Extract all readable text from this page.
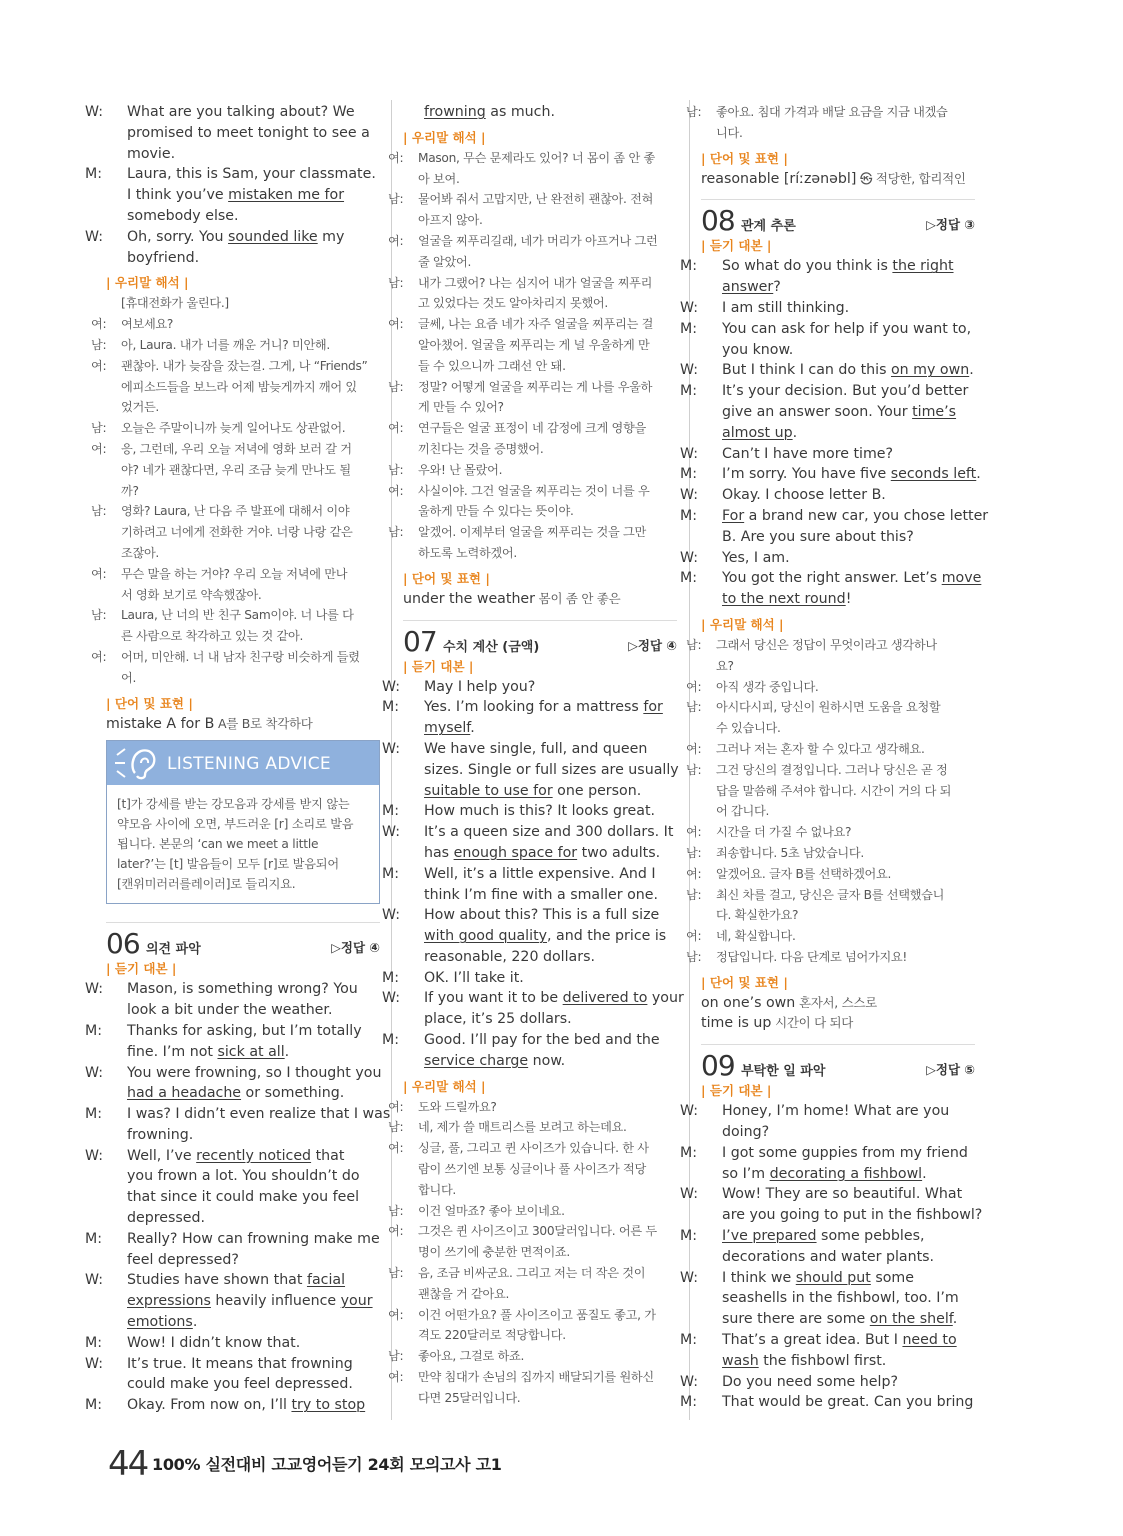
W: What are you talking about? We
promised to meet tonight to see a
movie.
M: Laura, this is Sam, your classmate.
I think you’ve mistaken me for
somebody else.
W: Oh, sorry. You sounded like my
boyfriend.
| 우리말 해석 |
[휴대전화가 울린다.]
여: 여보세요?
남: 아, Laura. 내가 너를 깨운 거니? 미안해.
여: 괜찮아. 내가 늦잠을 잤는걸. 그게, 나 “Friends”
에피소드들을 보느라 어제 밤늦게까지 깨어 있
었거든.
남: 오늘은 주말이니까 늦게 일어나도 상관없어.
여: 응, 그런데, 우리 오늘 저녁에 영화 보러 갈 거
야? 네가 괜찮다면, 우리 조금 늦게 만나도 될
까?
남: 영화? Laura, 난 다음 주 발표에 대해서 이야
기하려고 너에게 전화한 거야. 너랑 나랑 같은
조잖아.
여: 무슨 말을 하는 거야? 우리 오늘 저녁에 만나
서 영화 보기로 약속했잖아.
남: Laura, 난 너의 반 친구 Sam이야. 너 나를 다
른 사람으로 착각하고 있는 것 같아.
여: 어머, 미안해. 너 내 남자 친구랑 비슷하게 들렸
어.
| 단어 및 표현 |
mistake A for B A를 B로 착각하다
LISTENING ADVICE
[t]가 강세를 받는 강모음과 강세를 받지 않는
약모음 사이에 오면, 부드러운 [r] 소리로 발음
됩니다. 본문의 ‘can we meet a little
later?’는 [t] 발음들이 모두 [r]로 발음되어
[캔위미러러를레이러]로 들리지요.
06 의견 파악	▷정답 ④
| 듣기 대본 |
W: Mason, is something wrong? You
look a bit under the weather.
M: Thanks for asking, but I’m totally
fine. I’m not sick at all.
W: You were frowning, so I thought you
had a headache or something.
M: I was? I didn’t even realize that I was
frowning.
W: Well, I’ve recently noticed that
you frown a lot. You shouldn’t do
that since it could make you feel
depressed.
M: Really? How can frowning make me
feel depressed?
W: Studies have shown that facial
expressions heavily influence your
emotions.
M: Wow! I didn’t know that.
W: It’s true. It means that frowning
could make you feel depressed.
M: Okay. From now on, I’ll try to stop
frowning as much.
| 우리말 해석 |
여: Mason, 무슨 문제라도 있어? 너 몸이 좀 안 좋
아 보여.
남: 물어봐 줘서 고맙지만, 난 완전히 괜찮아. 전혀
아프지 않아.
여: 얼굴을 찌푸리길래, 네가 머리가 아프거나 그런
줄 알았어.
남: 내가 그랬어? 나는 심지어 내가 얼굴을 찌푸리
고 있었다는 것도 알아차리지 못했어.
여: 글쎄, 나는 요즘 네가 자주 얼굴을 찌푸리는 걸
알아챘어. 얼굴을 찌푸리는 게 널 우울하게 만
들 수 있으니까 그래선 안 돼.
남: 정말? 어떻게 얼굴을 찌푸리는 게 나를 우울하
게 만들 수 있어?
여: 연구들은 얼굴 표정이 네 감정에 크게 영향을
끼친다는 것을 증명했어.
남: 우와! 난 몰랐어.
여: 사실이야. 그건 얼굴을 찌푸리는 것이 너를 우
울하게 만들 수 있다는 뜻이야.
남: 알겠어. 이제부터 얼굴을 찌푸리는 것을 그만
하도록 노력하겠어.
| 단어 및 표현 |
under the weather 몸이 좀 안 좋은
07 수치 계산 (금액)	▷정답 ④
| 듣기 대본 |
W: May I help you?
M: Yes. I’m looking for a mattress for
myself.
W: We have single, full, and queen
sizes. Single or full sizes are usually
suitable to use for one person.
M: How much is this? It looks great.
W: It’s a queen size and 300 dollars. It
has enough space for two adults.
M: Well, it’s a little expensive. And I
think I’m fine with a smaller one.
W: How about this? This is a full size
with good quality, and the price is
reasonable, 220 dollars.
M: OK. I’ll take it.
W: If you want it to be delivered to your
place, it’s 25 dollars.
M: Good. I’ll pay for the bed and the
service charge now.
| 우리말 해석 |
여: 도와 드릴까요?
남: 네, 제가 쓸 매트리스를 보려고 하는데요.
여: 싱글, 풀, 그리고 퀸 사이즈가 있습니다. 한 사
람이 쓰기엔 보통 싱글이나 풀 사이즈가 적당
합니다.
남: 이건 얼마죠? 좋아 보이네요.
여: 그것은 퀸 사이즈이고 300달러입니다. 어른 두
명이 쓰기에 충분한 면적이죠.
남: 음, 조금 비싸군요. 그리고 저는 더 작은 것이
괜찮을 거 같아요.
여: 이건 어떤가요? 풀 사이즈이고 품질도 좋고, 가
격도 220달러로 적당합니다.
남: 좋아요, 그걸로 하죠.
여: 만약 침대가 손님의 집까지 배달되기를 원하신
다면 25달러입니다.
남: 좋아요. 침대 가격과 배달 요금을 지금 내겠습
니다.
| 단어 및 표현 |
reasonable [ríːzənəbl] ㉿ 적당한, 합리적인
08 관계 추론	▷정답 ③
| 듣기 대본 |
M: So what do you think is the right
answer?
W: I am still thinking.
M: You can ask for help if you want to,
you know.
W: But I think I can do this on my own.
M: It’s your decision. But you’d better
give an answer soon. Your time’s
almost up.
W: Can’t I have more time?
M: I’m sorry. You have five seconds left.
W: Okay. I choose letter B.
M: For a brand new car, you chose letter
B. Are you sure about this?
W: Yes, I am.
M: You got the right answer. Let’s move
to the next round!
| 우리말 해석 |
남: 그래서 당신은 정답이 무엇이라고 생각하나
요?
여: 아직 생각 중입니다.
남: 아시다시피, 당신이 원하시면 도움을 요청할
수 있습니다.
여: 그러나 저는 혼자 할 수 있다고 생각해요.
남: 그건 당신의 결정입니다. 그러나 당신은 곧 정
답을 말씀해 주셔야 합니다. 시간이 거의 다 되
어 갑니다.
여: 시간을 더 가질 수 없나요?
남: 죄송합니다. 5초 남았습니다.
여: 알겠어요. 글자 B를 선택하겠어요.
남: 최신 차를 걸고, 당신은 글자 B를 선택했습니
다. 확실한가요?
여: 네, 확실합니다.
남: 정답입니다. 다음 단계로 넘어가지요!
| 단어 및 표현 |
on one’s own 혼자서, 스스로
time is up 시간이 다 되다
09 부탁한 일 파악	▷정답 ⑤
| 듣기 대본 |
W: Honey, I’m home! What are you
doing?
M: I got some guppies from my friend
so I’m decorating a fishbowl.
W: Wow! They are so beautiful. What
are you going to put in the fishbowl?
M: I’ve prepared some pebbles,
decorations and water plants.
W: I think we should put some
seashells in the fishbowl, too. I’m
sure there are some on the shelf.
M: That’s a great idea. But I need to
wash the fishbowl first.
W: Do you need some help?
M: That would be great. Can you bring
44 100% 실전대비 고교영어듣기 24회 모의고사 고1
